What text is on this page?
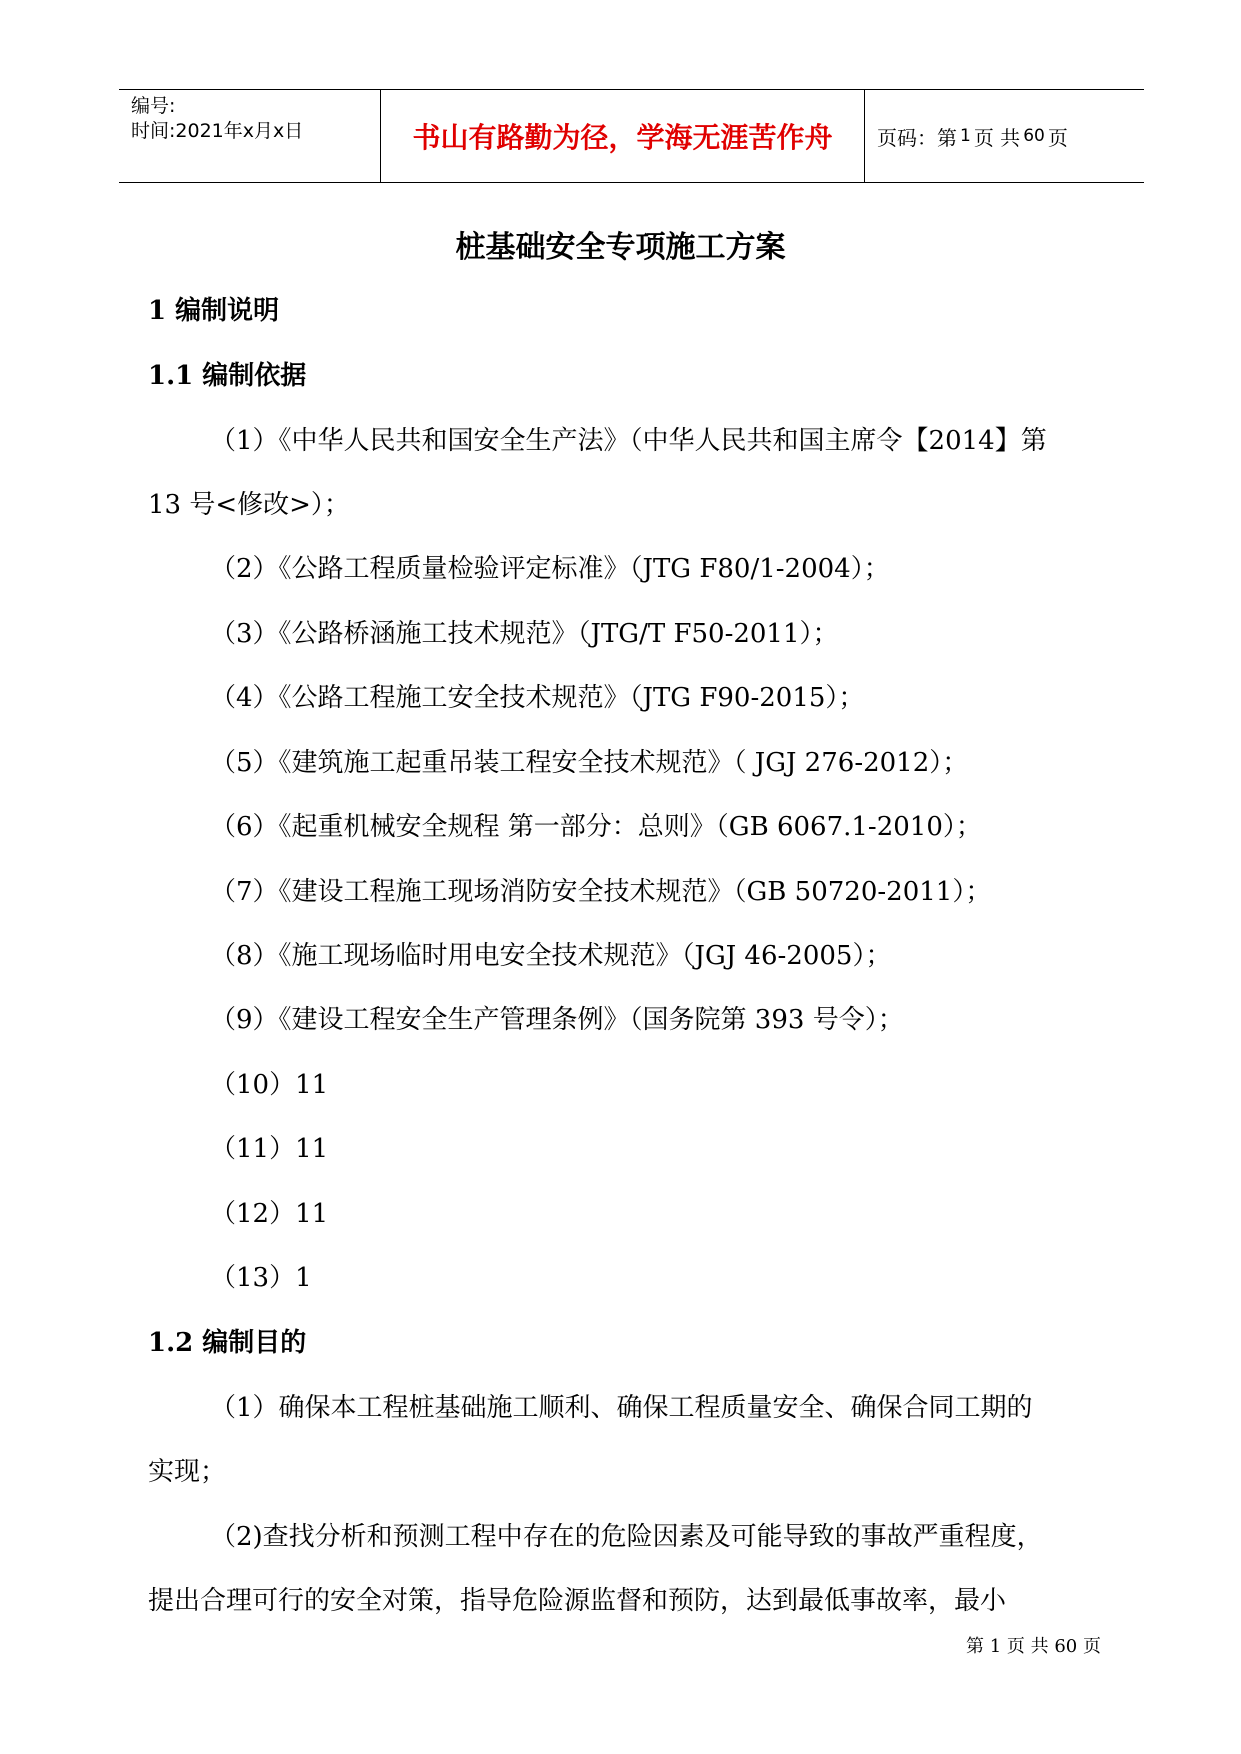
编号:
时间:2021年x月x日	书山有路勤为径，学海无涯苦作舟 页码：第 1 页 共 60 页
桩基础安全专项施工方案
1 编制说明
1.1 编制依据
（1）《中华人民共和国安全生产法》（中华人民共和国主席令【2014】第
13 号<修改>）；
（2）《公路工程质量检验评定标准》（JTG F80/1-2004）；
（3）《公路桥涵施工技术规范》（JTG/T F50-2011）；
（4）《公路工程施工安全技术规范》（JTG F90-2015）；
（5）《建筑施工起重吊装工程安全技术规范》（ JGJ 276-2012）；
（6）《起重机械安全规程 第一部分：总则》（GB 6067.1-2010）；
（7）《建设工程施工现场消防安全技术规范》（GB 50720-2011）；
（8）《施工现场临时用电安全技术规范》（JGJ 46-2005）；
（9）《建设工程安全生产管理条例》（国务院第 393 号令）；
（10）11
（11）11
（12）11
（13）1
1.2 编制目的
（1）确保本工程桩基础施工顺利、确保工程质量安全、确保合同工期的
实现；
（2)查找分析和预测工程中存在的危险因素及可能导致的事故严重程度，
提出合理可行的安全对策，指导危险源监督和预防，达到最低事故率，最小
第 1 页 共 60 页
